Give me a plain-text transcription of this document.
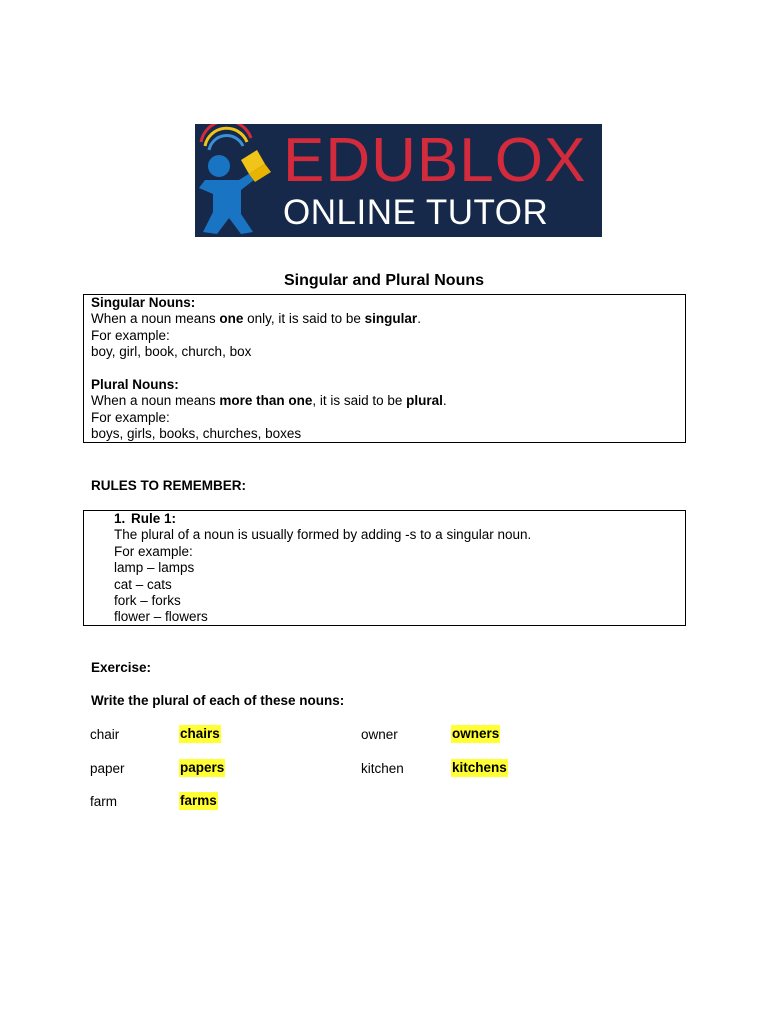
EDUBLOX
ONLINE TUTOR
Singular and Plural Nouns
Singular Nouns:
When a noun means one only, it is said to be singular.
For example:
boy, girl, book, church, box
Plural Nouns:
When a noun means more than one, it is said to be plural.
For example:
boys, girls, books, churches, boxes
RULES TO REMEMBER:
1. Rule 1:
The plural of a noun is usually formed by adding -s to a singular noun.
For example:
lamp – lamps
cat – cats
fork – forks
flower – flowers
Exercise:
Write the plural of each of these nouns:
chair	chairs	owner	owners
paper	papers	kitchen	kitchens
farm	farms
